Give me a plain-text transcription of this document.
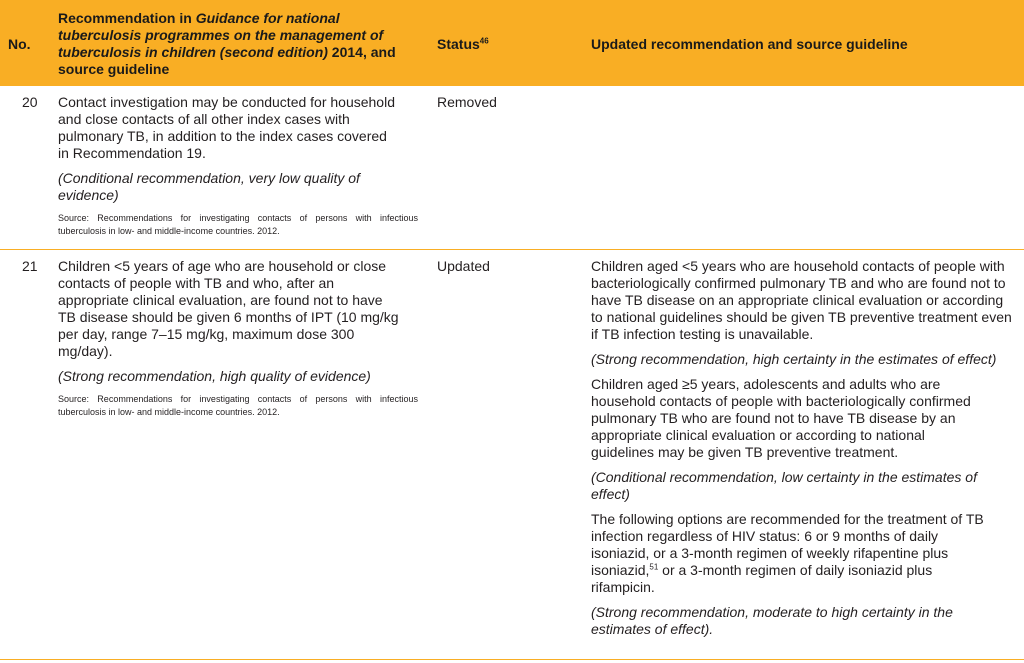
No.
Recommendation in Guidance for national tuberculosis programmes on the management of tuberculosis in children (second edition) 2014, and source guideline
Status$^{46}$	Updated recommendation and source guideline
20 Contact investigation may be conducted for household and close contacts of all other index cases with pulmonary TB, in addition to the index cases covered in Recommendation 19.

(Conditional recommendation, very low quality of evidence)

Source: Recommendations for investigating contacts of persons with infectious tuberculosis in low- and middle-income countries. 2012.

Removed
21 Children <5 years of age who are household or close contacts of people with TB and who, after an appropriate clinical evaluation, are found not to have TB disease should be given 6 months of IPT (10 mg/kg per day, range 7–15 mg/kg, maximum dose 300 mg/day).

(Strong recommendation, high quality of evidence)

Source: Recommendations for investigating contacts of persons with infectious tuberculosis in low- and middle-income countries. 2012.

Updated	Children aged <5 years who are household contacts of people with bacteriologically confirmed pulmonary TB and who are found not to have TB disease on an appropriate clinical evaluation or according to national guidelines should be given TB preventive treatment even if TB infection testing is unavailable.

(Strong recommendation, high certainty in the estimates of effect)

Children aged ≥5 years, adolescents and adults who are household contacts of people with bacteriologically confirmed pulmonary TB who are found not to have TB disease by an appropriate clinical evaluation or according to national guidelines may be given TB preventive treatment.

(Conditional recommendation, low certainty in the estimates of effect)

The following options are recommended for the treatment of TB infection regardless of HIV status: 6 or 9 months of daily isoniazid, or a 3-month regimen of weekly rifapentine plus isoniazid,$^{51}$ or a 3-month regimen of daily isoniazid plus rifampicin.

(Strong recommendation, moderate to high certainty in the estimates of effect).
